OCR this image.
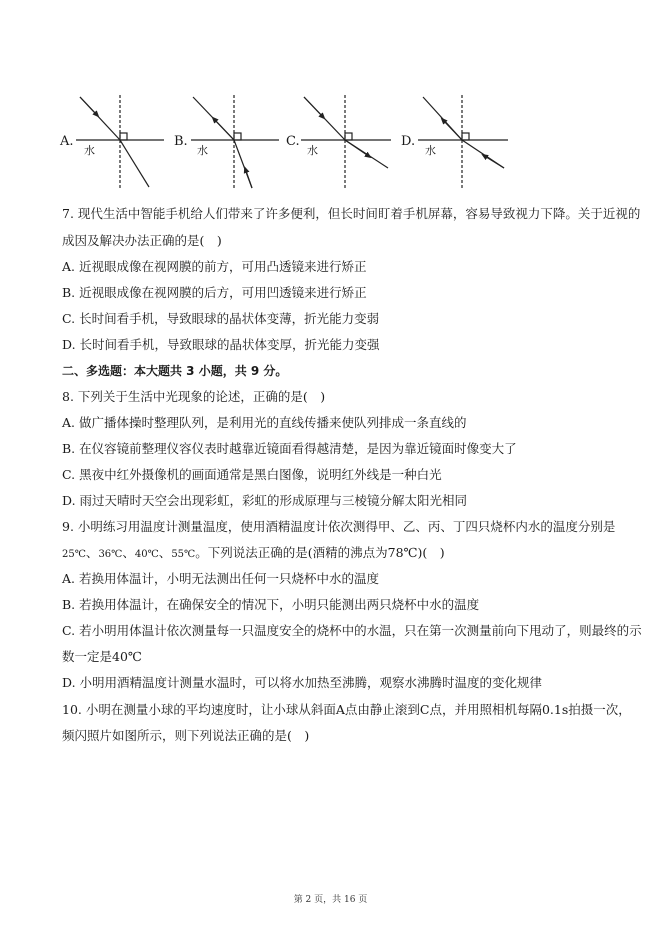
A.
水
B.
水
C.
水
D.
水
7. 现代生活中智能手机给人们带来了许多便利，但长时间盯着手机屏幕，容易导致视力下降。关于近视的
成因及解决办法正确的是(　)
A. 近视眼成像在视网膜的前方，可用凸透镜来进行矫正
B. 近视眼成像在视网膜的后方，可用凹透镜来进行矫正
C. 长时间看手机，导致眼球的晶状体变薄，折光能力变弱
D. 长时间看手机，导致眼球的晶状体变厚，折光能力变强
二、多选题：本大题共 3 小题，共 9 分。
8. 下列关于生活中光现象的论述，正确的是(　)
A. 做广播体操时整理队列，是利用光的直线传播来使队列排成一条直线的
B. 在仪容镜前整理仪容仪表时越靠近镜面看得越清楚，是因为靠近镜面时像变大了
C. 黑夜中红外摄像机的画面通常是黑白图像，说明红外线是一种白光
D. 雨过天晴时天空会出现彩虹，彩虹的形成原理与三棱镜分解太阳光相同
9. 小明练习用温度计测量温度，使用酒精温度计依次测得甲、乙、丙、丁四只烧杯内水的温度分别是
25℃、36℃、40℃、55℃。下列说法正确的是(酒精的沸点为78℃)(　)
A. 若换用体温计，小明无法测出任何一只烧杯中水的温度
B. 若换用体温计，在确保安全的情况下，小明只能测出两只烧杯中水的温度
C. 若小明用体温计依次测量每一只温度安全的烧杯中的水温，只在第一次测量前向下甩动了，则最终的示
数一定是40℃
D. 小明用酒精温度计测量水温时，可以将水加热至沸腾，观察水沸腾时温度的变化规律
10. 小明在测量小球的平均速度时，让小球从斜面A点由静止滚到C点，并用照相机每隔0.1s拍摄一次，
频闪照片如图所示，则下列说法正确的是(　)
第 2 页，共 16 页
